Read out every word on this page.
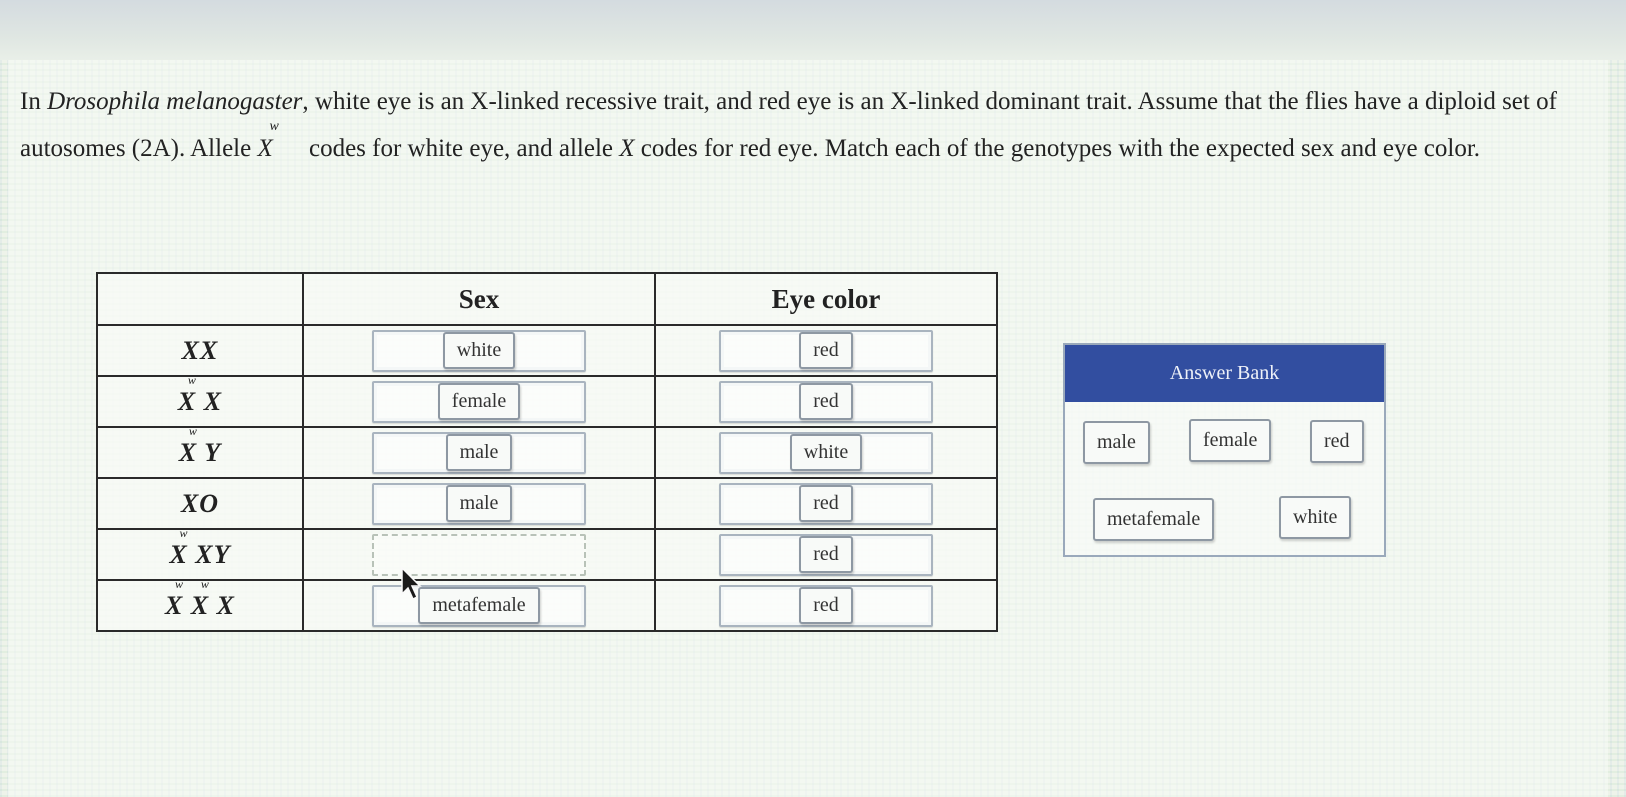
In Drosophila melanogaster, white eye is an X-linked recessive trait, and red eye is an X-linked dominant trait. Assume that the flies have a diploid set of autosomes (2A). Allele X
w
codes for white eye, and allele X codes for red eye. Match each of the genotypes with the expected sex and eye color.

	Sex	Eye color
XX	white	red

X
w
X	female	red

X
w
Y	male	white

XO	male	red

X
w
XY		red

X
w
X
w
X	metafemale	red
Answer Bank
male	female	red
metafemale	white
